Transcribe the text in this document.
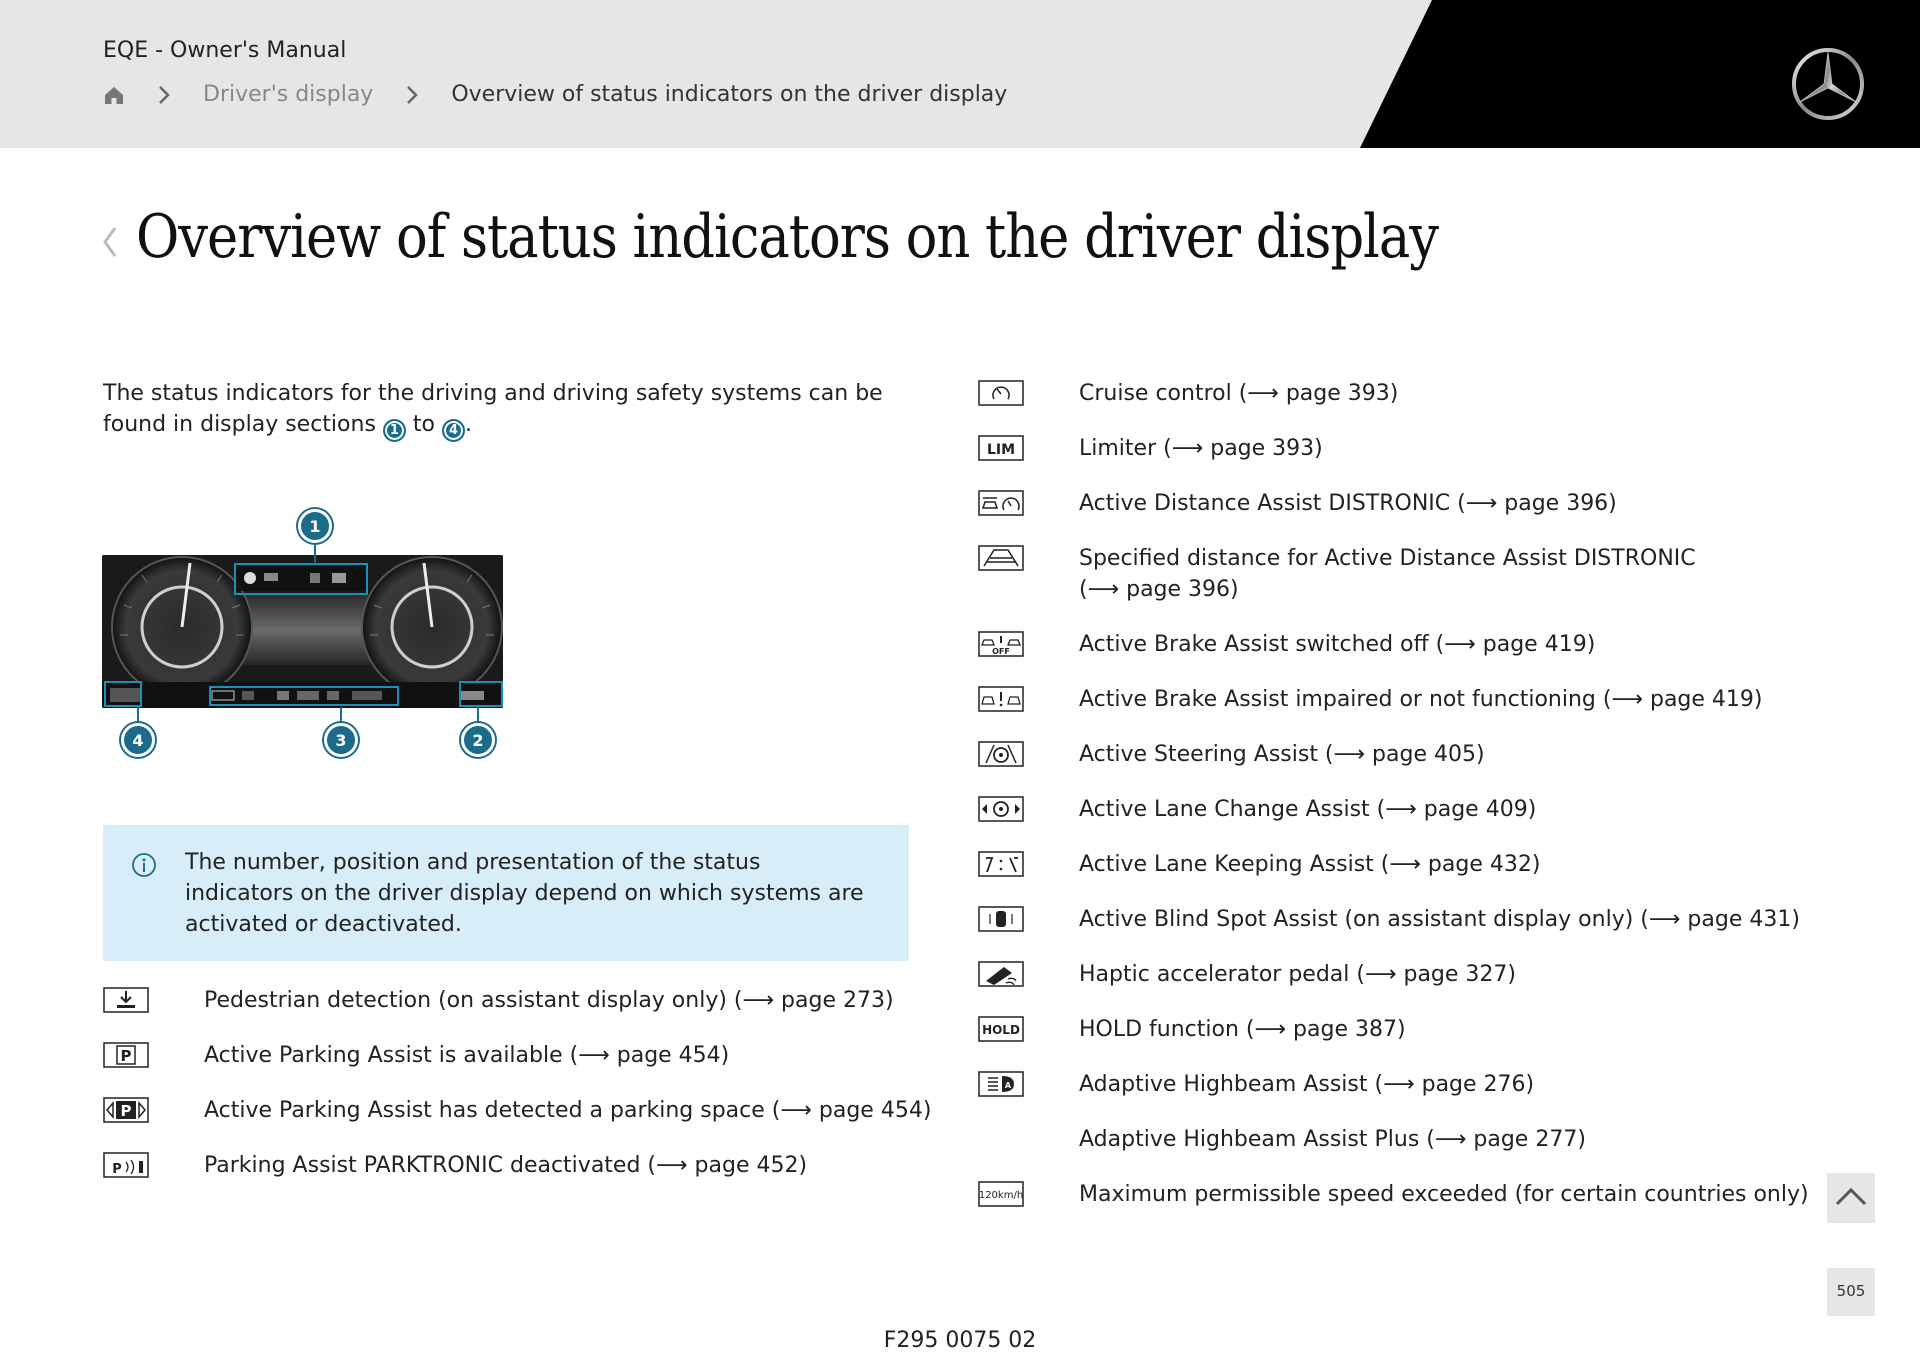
EQE - Owner's Manual
Driver's display	Overview of status indicators on the driver display
Overview of status indicators on the driver display
The status indicators for the driving and driving safety systems can be found in display sections 1 to 4 .
1
4	3	2
The number, position and presentation of the status indicators on the driver display depend on which systems are activated or deactivated.
Pedestrian detection (on assistant display only) (⟶ page 273)
P	Active Parking Assist is available (⟶ page 454)
P	Active Parking Assist has detected a parking space (⟶ page 454)
P	Parking Assist PARKTRONIC deactivated (⟶ page 452)
Cruise control (⟶ page 393)
LIM	Limiter (⟶ page 393)
Active Distance Assist DISTRONIC (⟶ page 396)
Specified distance for Active Distance Assist DISTRONIC
(⟶ page 396)
OFF	Active Brake Assist switched off (⟶ page 419)
Active Brake Assist impaired or not functioning (⟶ page 419)
Active Steering Assist (⟶ page 405)
Active Lane Change Assist (⟶ page 409)
Active Lane Keeping Assist (⟶ page 432)
Active Blind Spot Assist (on assistant display only) (⟶ page 431)
Haptic accelerator pedal (⟶ page 327)
HOLD	HOLD function (⟶ page 387)
A	Adaptive Highbeam Assist (⟶ page 276)
Adaptive Highbeam Assist Plus (⟶ page 277)
120km/h	Maximum permissible speed exceeded (for certain countries only)
F295 0075 02
505
